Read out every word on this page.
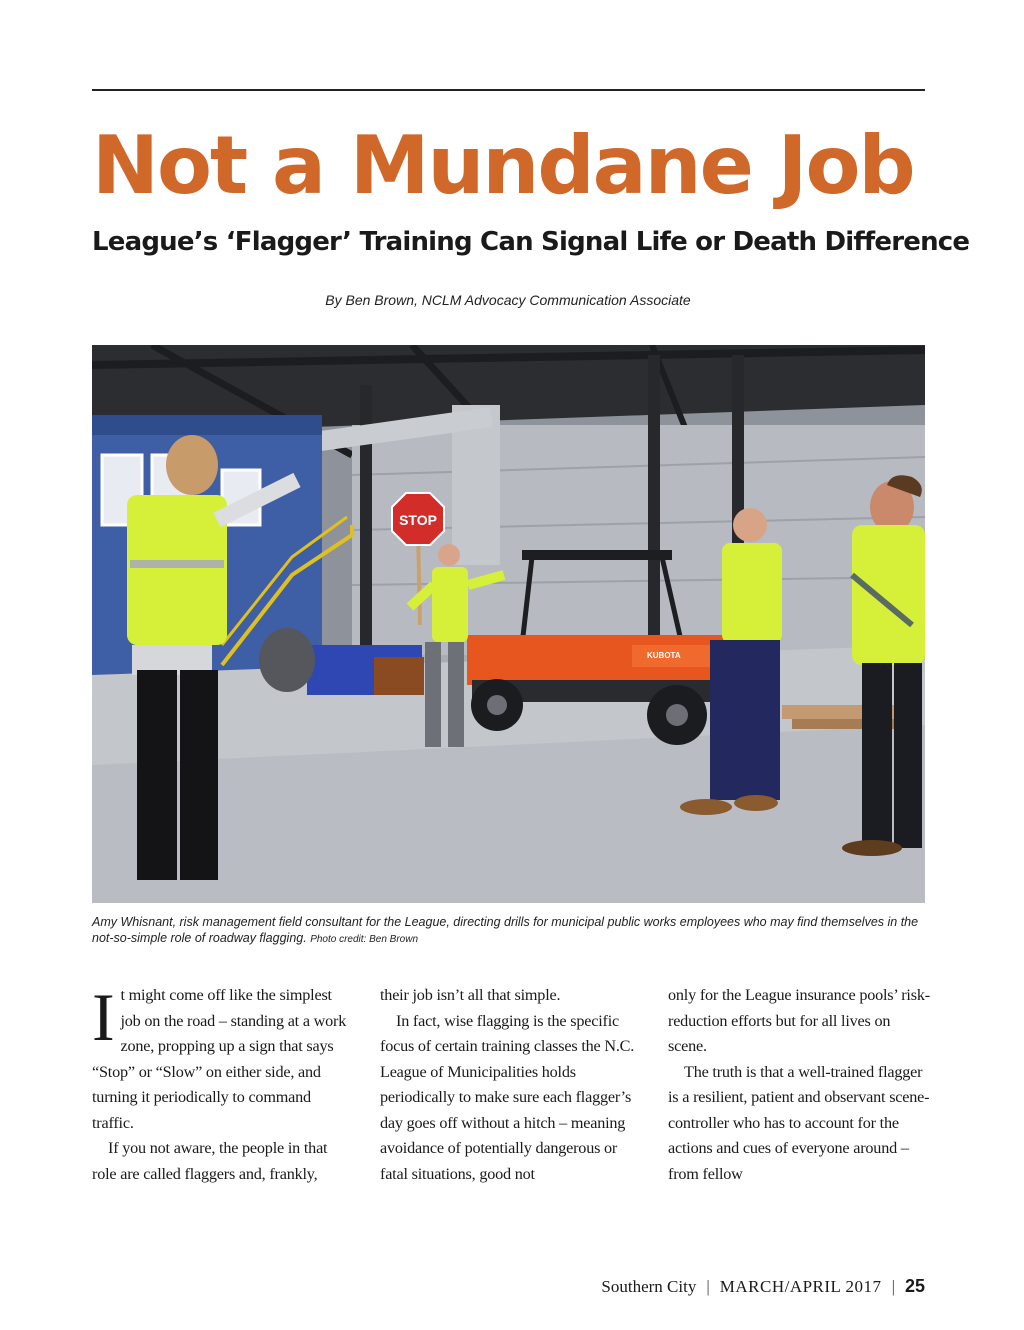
Not a Mundane Job
League’s ‘Flagger’ Training Can Signal Life or Death Difference
By Ben Brown, NCLM Advocacy Communication Associate
KUBOTA
STOP
Amy Whisnant, risk management field consultant for the League, directing drills for municipal public works employees who may find themselves in the not-so-simple role of roadway flagging. Photo credit: Ben Brown
I t might come off like the simplest job on the road – standing at a work zone, propping up a sign that says “Stop” or “Slow” on either side, and turning it periodically to command traffic.

If you not aware, the people in that role are called flaggers and, frankly,

their job isn’t all that simple.

In fact, wise flagging is the specific focus of certain training classes the N.C. League of Municipalities holds periodically to make sure each flagger’s day goes off without a hitch – meaning avoidance of potentially dangerous or fatal situations, good not

only for the League insurance pools’ risk-reduction efforts but for all lives on scene.

The truth is that a well-trained flagger is a resilient, patient and observant scene-controller who has to account for the actions and cues of everyone around – from fellow

Southern City | MARCH/APRIL 2017 | 25
